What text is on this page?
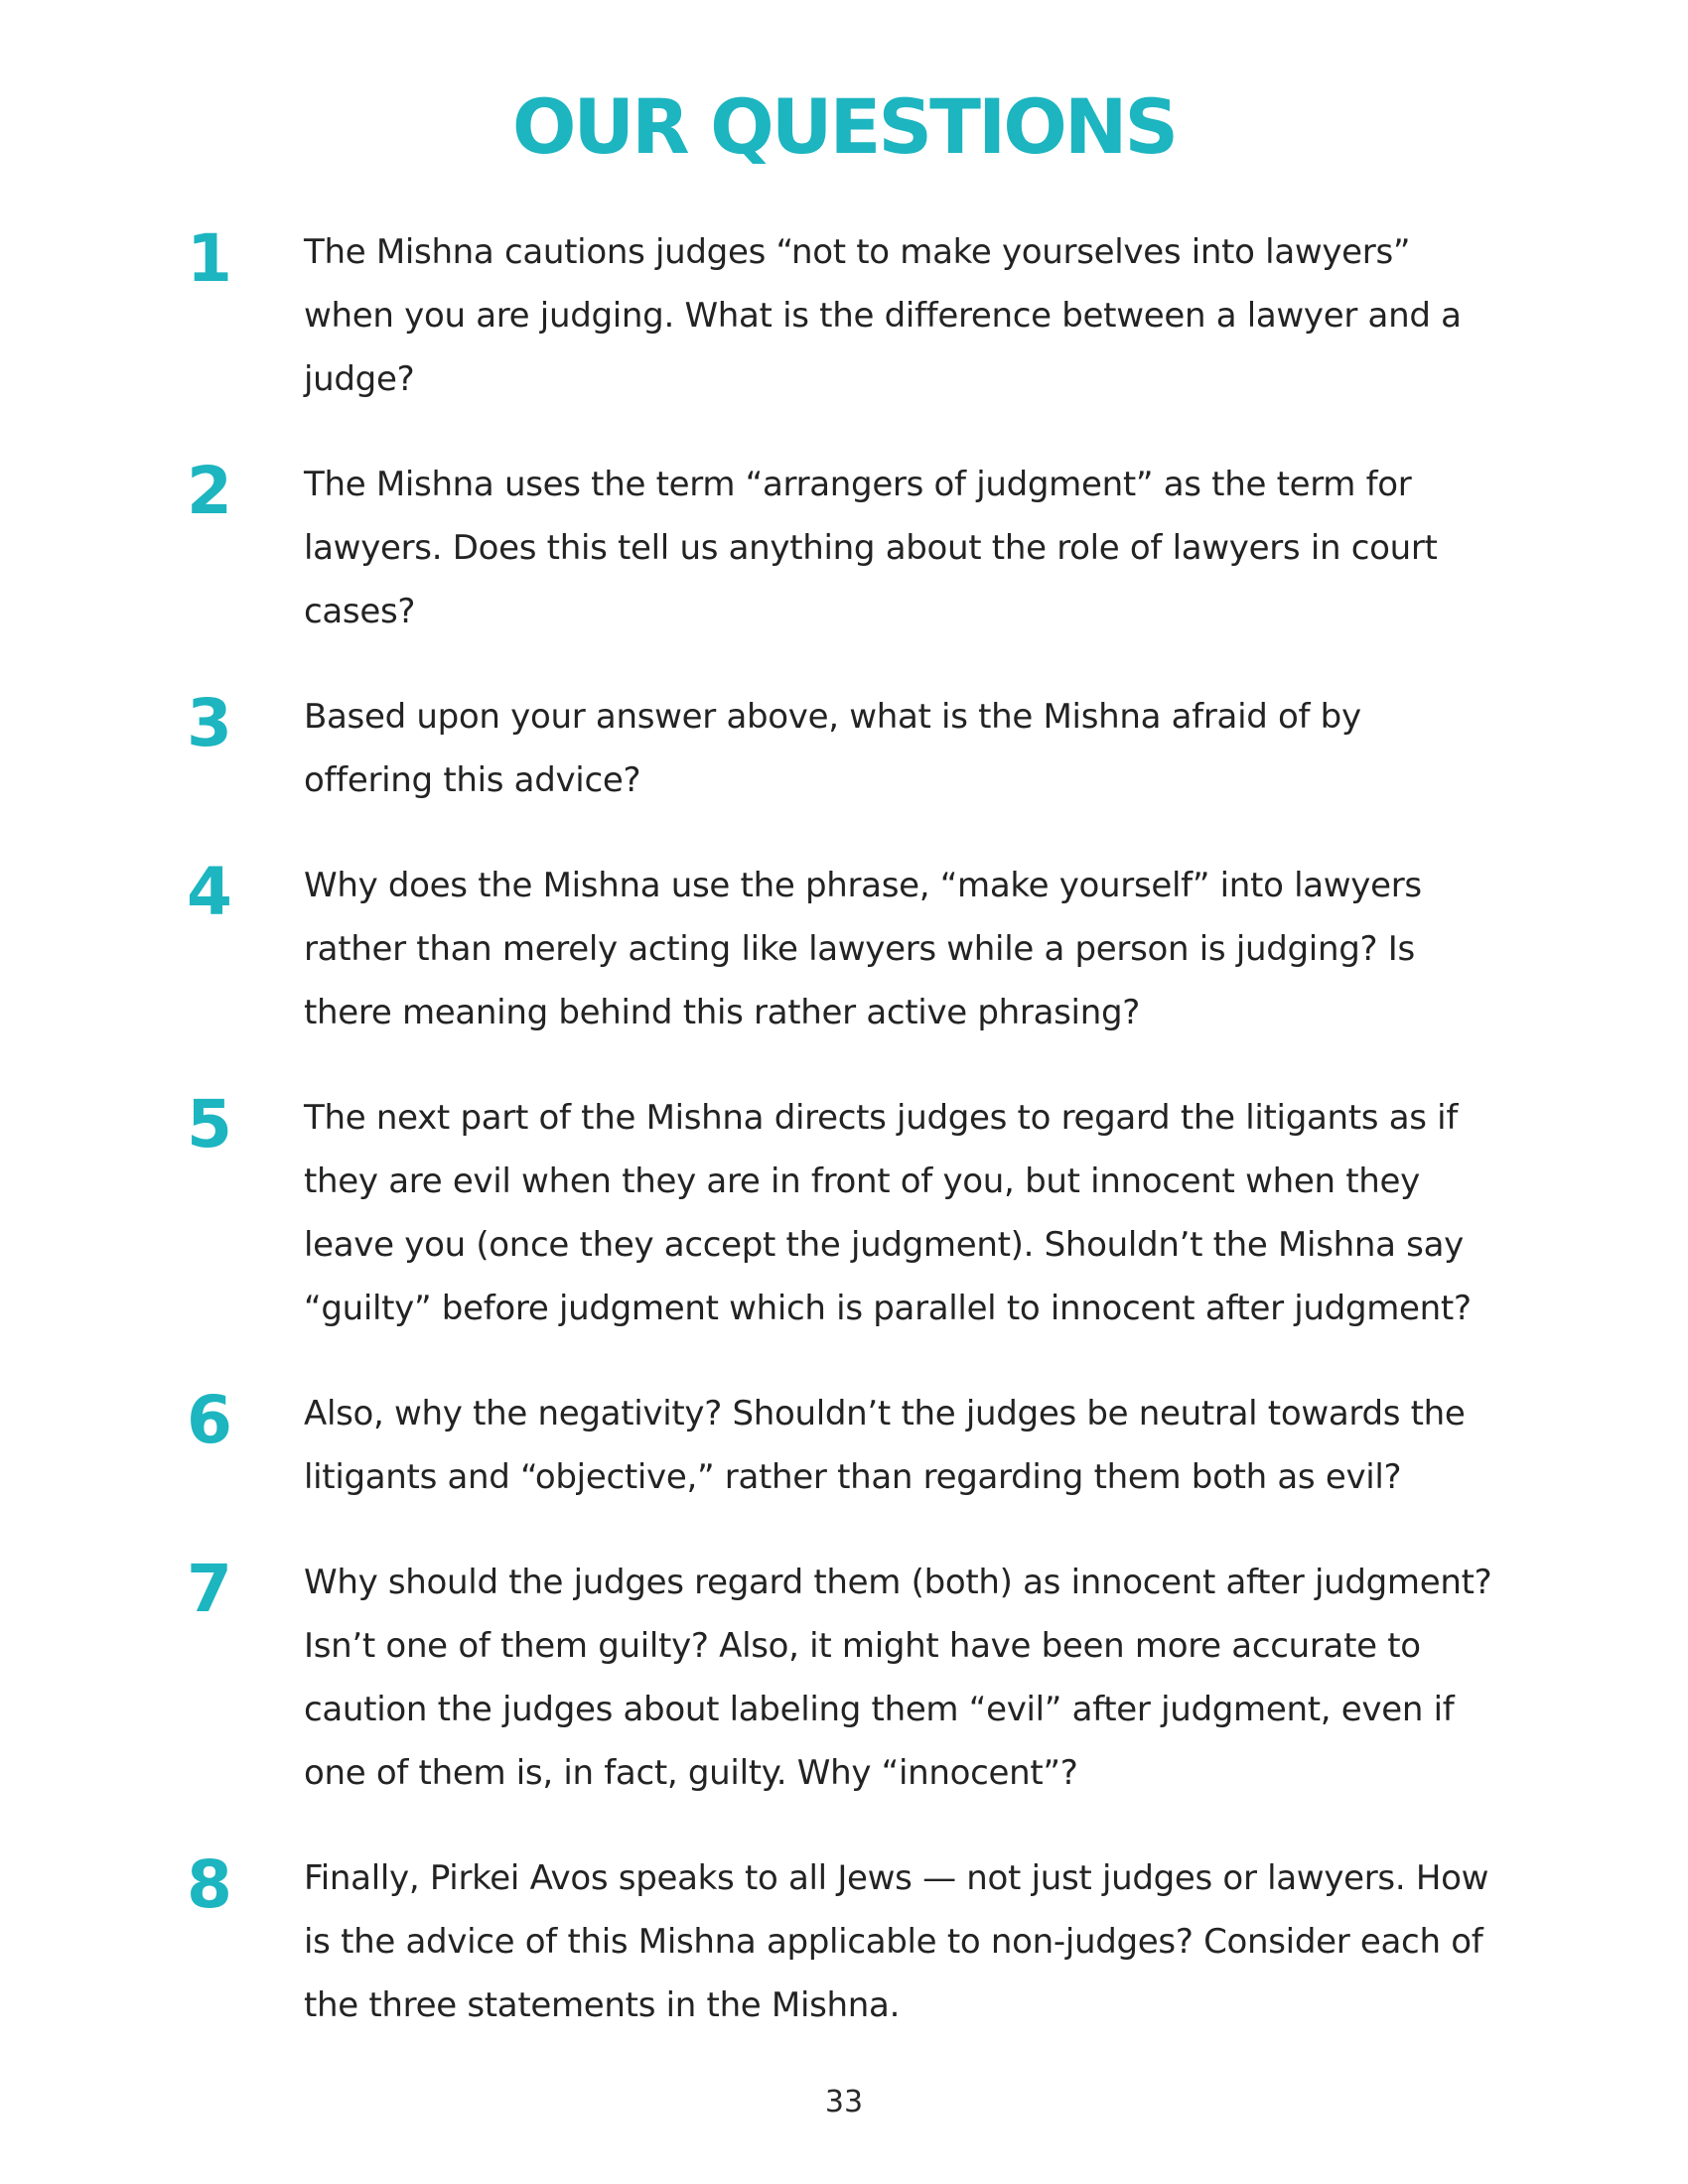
OUR QUESTIONS
1	The Mishna cautions judges “not to make yourselves into lawyers” when you are judging. What is the difference between a lawyer and a judge?
2	The Mishna uses the term “arrangers of judgment” as the term for lawyers. Does this tell us anything about the role of lawyers in court cases?
3	Based upon your answer above, what is the Mishna afraid of by offering this advice?
4	Why does the Mishna use the phrase, “make yourself” into lawyers rather than merely acting like lawyers while a person is judging? Is there meaning behind this rather active phrasing?
5	The next part of the Mishna directs judges to regard the litigants as if they are evil when they are in front of you, but innocent when they leave you (once they accept the judgment). Shouldn’t the Mishna say “guilty” before judgment which is parallel to innocent after judgment?
6	Also, why the negativity? Shouldn’t the judges be neutral towards the litigants and “objective,” rather than regarding them both as evil?
7	Why should the judges regard them (both) as innocent after judgment? Isn’t one of them guilty? Also, it might have been more accurate to caution the judges about labeling them “evil” after judgment, even if one of them is, in fact, guilty. Why “innocent”?
8	Finally, Pirkei Avos speaks to all Jews — not just judges or lawyers. How is the advice of this Mishna applicable to non-judges? Consider each of the three statements in the Mishna.
33
